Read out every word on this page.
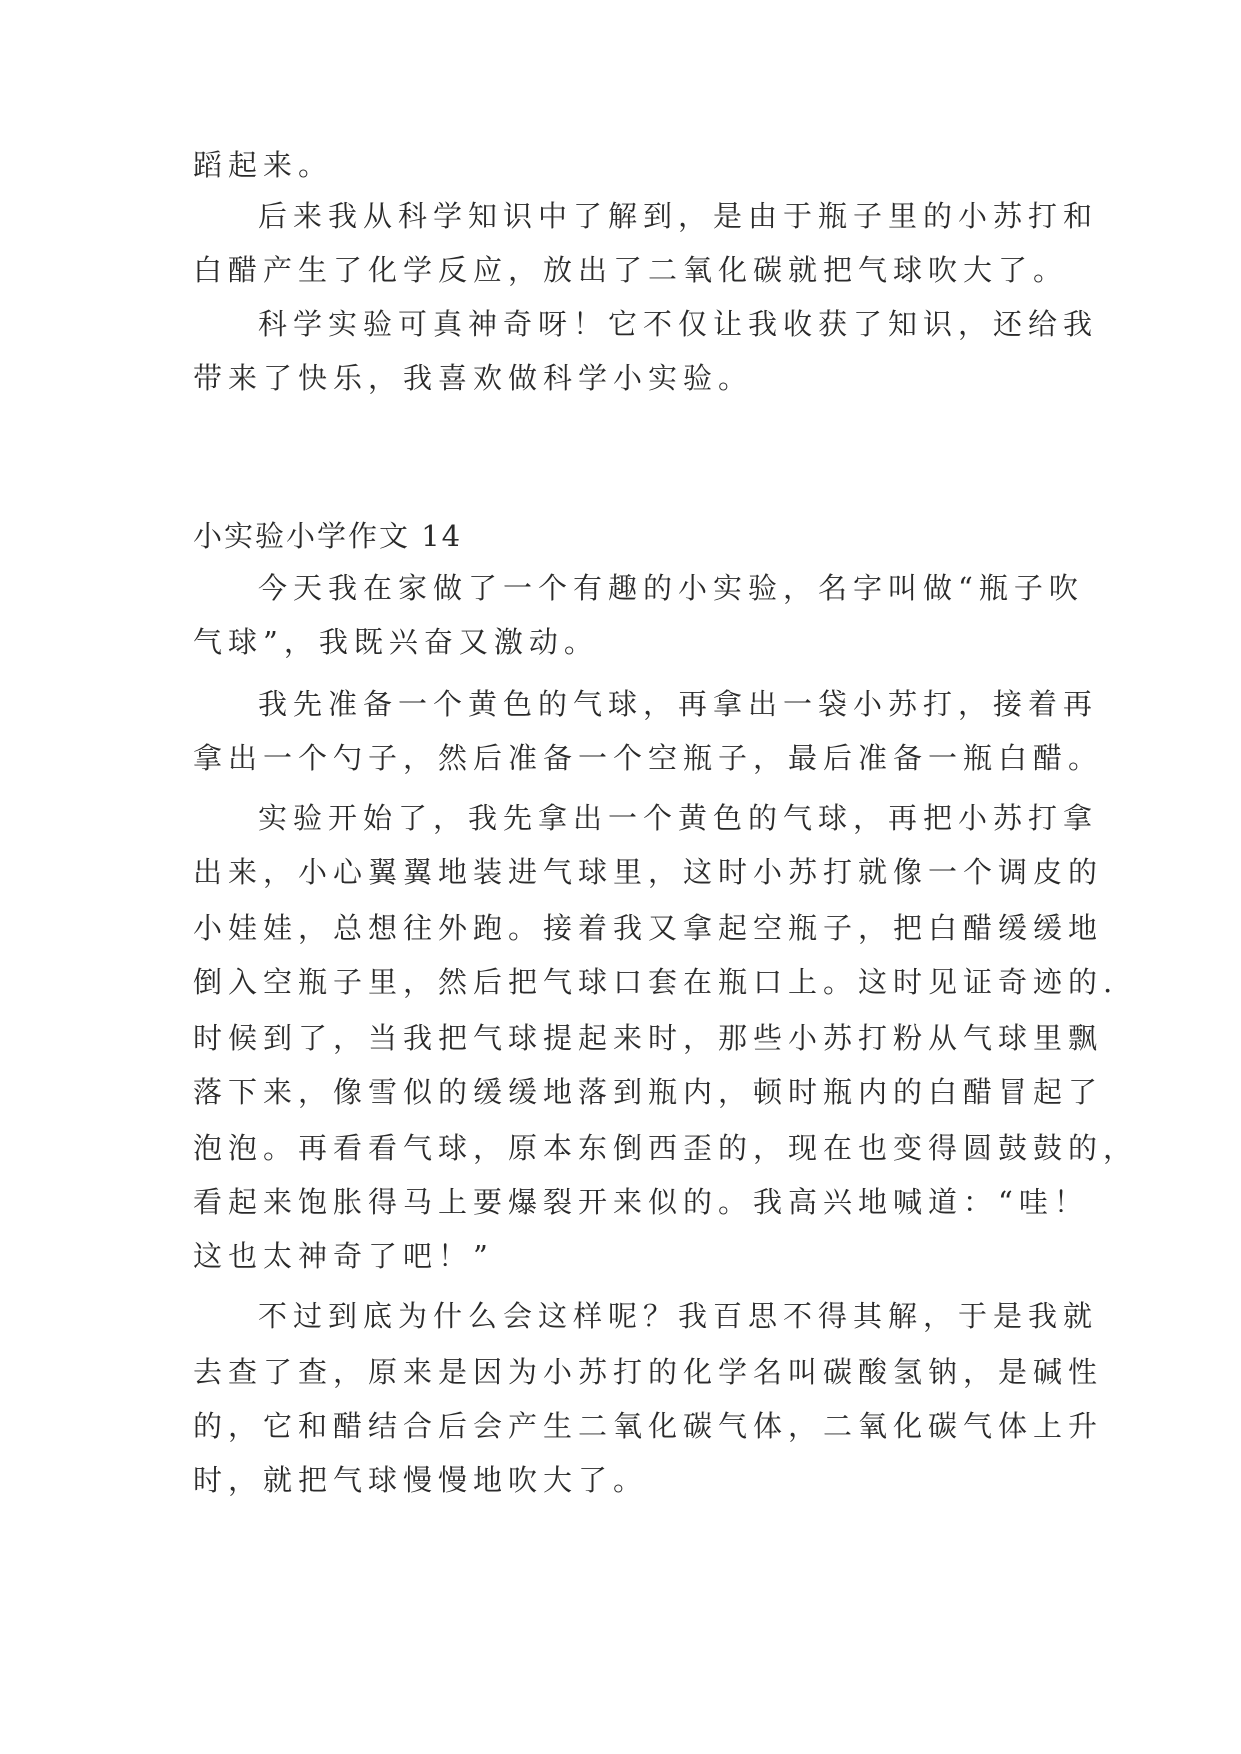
蹈起来。
后来我从科学知识中了解到，是由于瓶子里的小苏打和
白醋产生了化学反应，放出了二氧化碳就把气球吹大了。
科学实验可真神奇呀！它不仅让我收获了知识，还给我
带来了快乐，我喜欢做科学小实验。
小实验小学作文 14
今天我在家做了一个有趣的小实验，名字叫做“瓶子吹
气球”，我既兴奋又激动。
我先准备一个黄色的气球，再拿出一袋小苏打，接着再
拿出一个勺子，然后准备一个空瓶子，最后准备一瓶白醋。
实验开始了，我先拿出一个黄色的气球，再把小苏打拿
出来，小心翼翼地装进气球里，这时小苏打就像一个调皮的
小娃娃，总想往外跑。接着我又拿起空瓶子，把白醋缓缓地
倒入空瓶子里，然后把气球口套在瓶口上。这时见证奇迹的.
时候到了，当我把气球提起来时，那些小苏打粉从气球里飘
落下来，像雪似的缓缓地落到瓶内，顿时瓶内的白醋冒起了
泡泡。再看看气球，原本东倒西歪的，现在也变得圆鼓鼓的，
看起来饱胀得马上要爆裂开来似的。我高兴地喊道：“哇！
这也太神奇了吧！”
不过到底为什么会这样呢？我百思不得其解，于是我就
去查了查，原来是因为小苏打的化学名叫碳酸氢钠，是碱性
的，它和醋结合后会产生二氧化碳气体，二氧化碳气体上升
时，就把气球慢慢地吹大了。
